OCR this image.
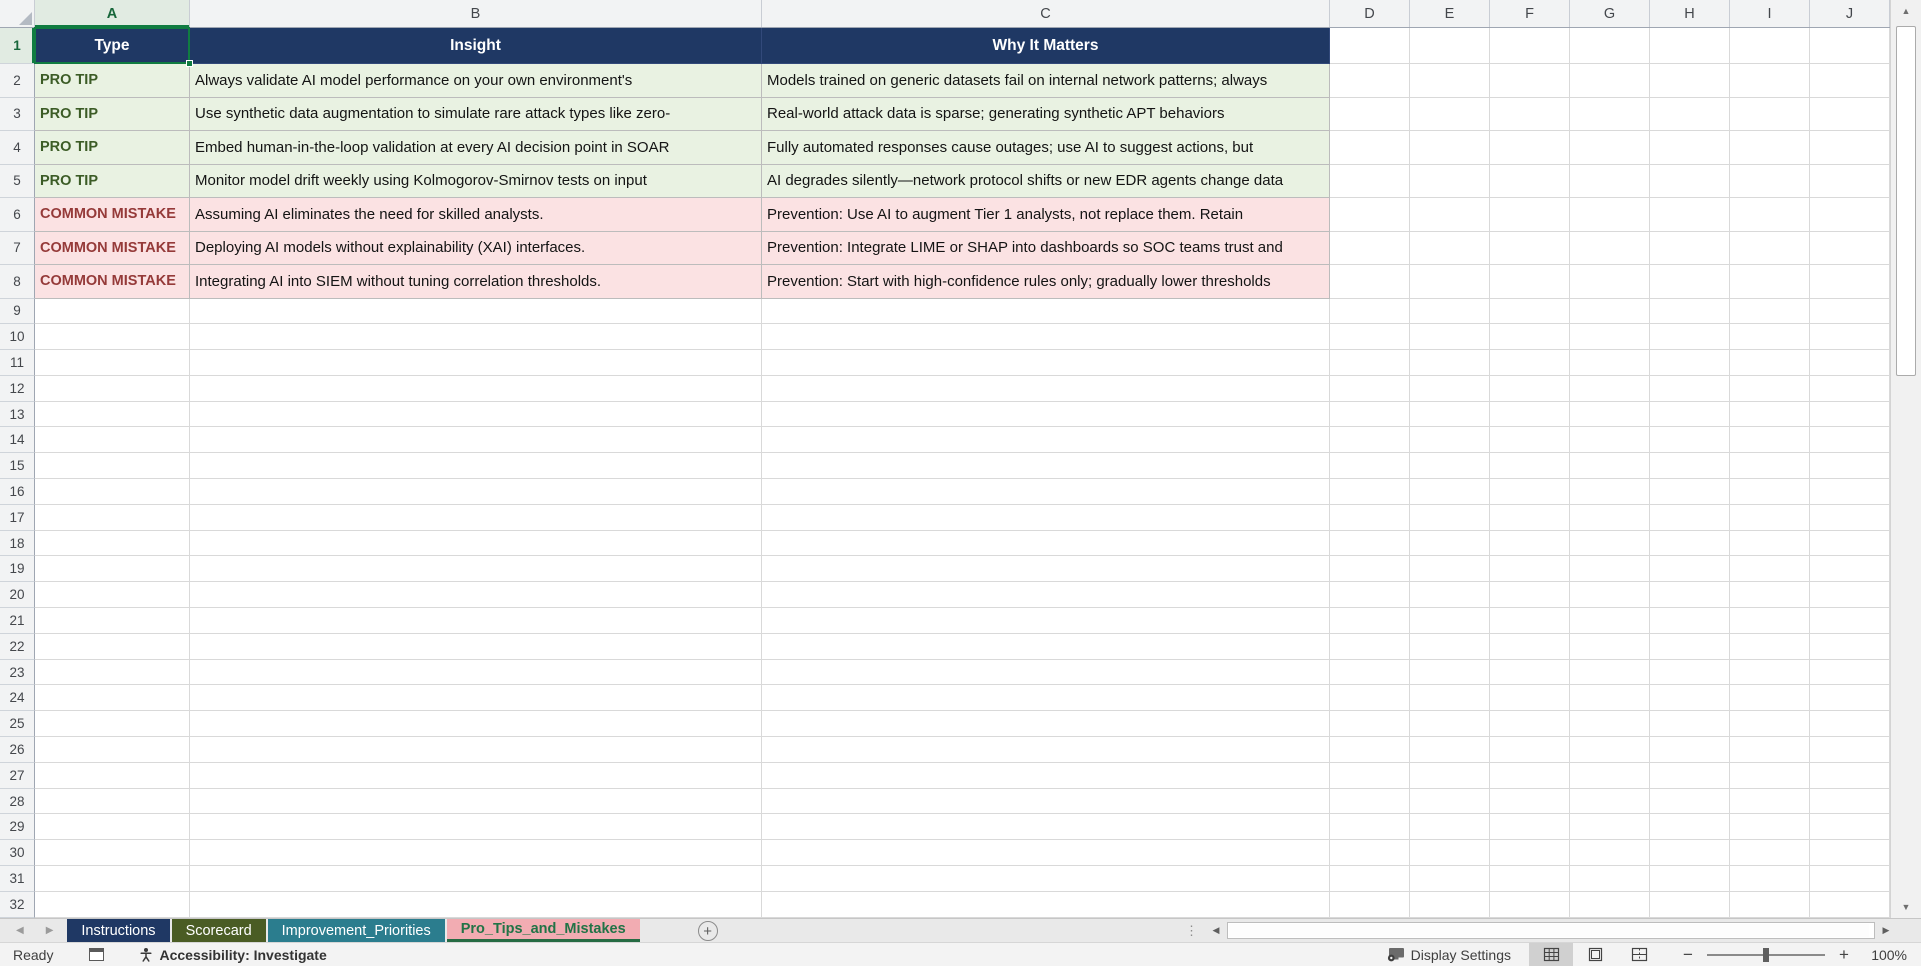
A	B	C	D	E	F	G	H	I	J
1	Type	Insight	Why It Matters
2	PRO TIP	Always validate AI model performance on your own environment's	Models trained on generic datasets fail on internal network patterns; always
3	PRO TIP	Use synthetic data augmentation to simulate rare attack types like zero-	Real-world attack data is sparse; generating synthetic APT behaviors
4	PRO TIP	Embed human-in-the-loop validation at every AI decision point in SOAR	Fully automated responses cause outages; use AI to suggest actions, but
5	PRO TIP	Monitor model drift weekly using Kolmogorov-Smirnov tests on input	AI degrades silently—network protocol shifts or new EDR agents change data
6	COMMON MISTAKE	Assuming AI eliminates the need for skilled analysts.	Prevention: Use AI to augment Tier 1 analysts, not replace them. Retain
7	COMMON MISTAKE	Deploying AI models without explainability (XAI) interfaces.	Prevention: Integrate LIME or SHAP into dashboards so SOC teams trust and
8	COMMON MISTAKE	Integrating AI into SIEM without tuning correlation thresholds.	Prevention: Start with high-confidence rules only; gradually lower thresholds
9
10
11
12
13
14
15
16
17
18
19
20
21
22
23
24
25
26
27
28
29
30
31
32
▲
▼
◀ ▶	Instructions	Scorecard	Improvement_Priorities	Pro_Tips_and_Mistakes	+	⋮	◀	▶
Ready	Accessibility: Investigate	Display Settings	−	+	100%
